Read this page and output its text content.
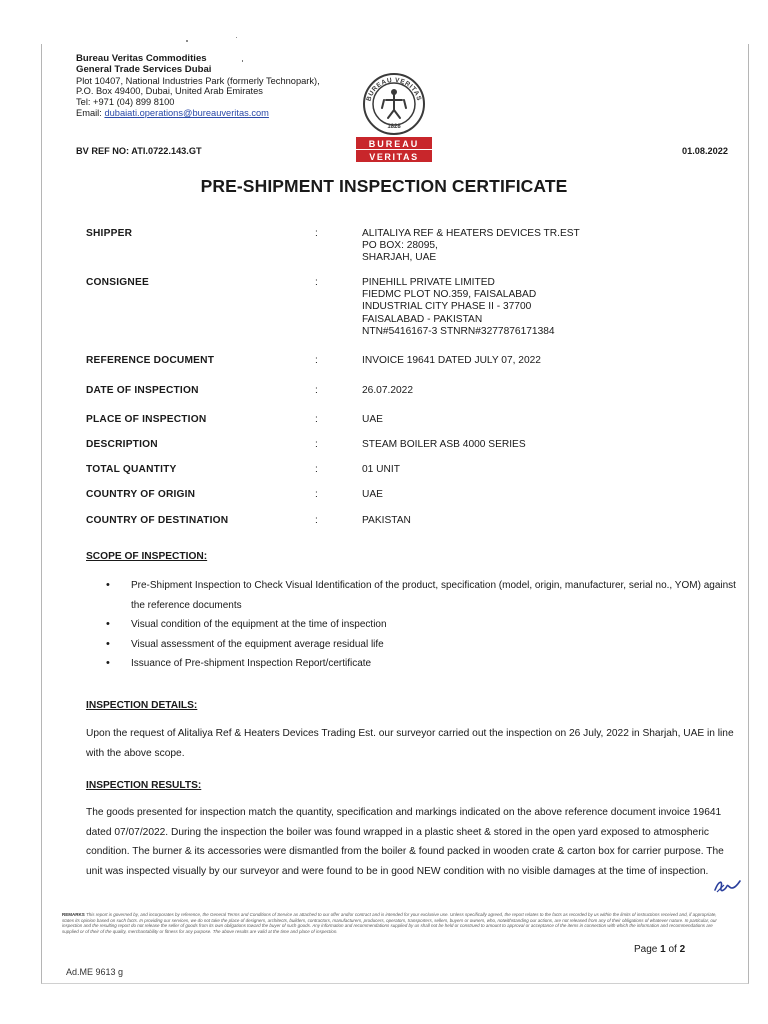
Bureau Veritas Commodities
General Trade Services Dubai
Plot 10407, National Industries Park (formerly Technopark),
P.O. Box 49400, Dubai, United Arab Emirates
Tel: +971 (04) 899 8100
Email: dubaiati.operations@bureauveritas.com
BUREAU VERITAS
1828
BUREAU
VERITAS
BV REF NO: ATI.0722.143.GT	01.08.2022
PRE-SHIPMENT INSPECTION CERTIFICATE
SHIPPER	:	ALITALIYA REF & HEATERS DEVICES TR.EST
PO BOX: 28095,
SHARJAH, UAE
CONSIGNEE	:	PINEHILL PRIVATE LIMITED
FIEDMC PLOT NO.359, FAISALABAD
INDUSTRIAL CITY PHASE II - 37700
FAISALABAD - PAKISTAN
NTN#5416167-3 STNRN#3277876171384
REFERENCE DOCUMENT	:	INVOICE 19641 DATED JULY 07, 2022
DATE OF INSPECTION	:	26.07.2022
PLACE OF INSPECTION	:	UAE
DESCRIPTION	:	STEAM BOILER ASB 4000 SERIES
TOTAL QUANTITY	:	01 UNIT
COUNTRY OF ORIGIN	:	UAE
COUNTRY OF DESTINATION	:	PAKISTAN
SCOPE OF INSPECTION:
• Pre-Shipment Inspection to Check Visual Identification of the product, specification (model, origin, manufacturer, serial no., YOM) against the reference documents
• Visual condition of the equipment at the time of inspection
• Visual assessment of the equipment average residual life
• Issuance of Pre-shipment Inspection Report/certificate
INSPECTION DETAILS:
Upon the request of Alitaliya Ref & Heaters Devices Trading Est. our surveyor carried out the inspection on 26 July, 2022 in Sharjah, UAE in line with the above scope.
INSPECTION RESULTS:
The goods presented for inspection match the quantity, specification and markings indicated on the above reference document invoice 19641 dated 07/07/2022. During the inspection the boiler was found wrapped in a plastic sheet & stored in the open yard exposed to atmospheric condition. The burner & its accessories were dismantled from the boiler & found packed in wooden crate & carton box for carrier purpose. The unit was inspected visually by our surveyor and were found to be in good NEW condition with no visible damages at the time of inspection.
REMARKS This report is governed by, and incorporates by reference, the General Terms and Conditions of Service as attached to our offer and/or contract and is intended for your exclusive use. Unless specifically agreed, the report relates to the facts as recorded by us within the limits of instructions received and, if appropriate, states its opinion based on such facts. In providing our services, we do not take the place of designers, architects, builders, contractors, manufacturers, producers, operators, transporters, sellers, buyers or owners, who, notwithstanding our actions, are not released from any of their obligations of whatever nature. In particular, our inspection and the resulting report do not release the seller of goods from its own obligations toward the buyer of such goods. Any information and recommendations supplied by us shall not be held or construed to amount to approval or acceptance of the items in connection with which the information and recommendations are supplied or of their of the quality, merchantability or fitness for any purpose. The above results are valid at the time and place of inspection.
Page 1 of 2
Ad.ME 9613 g
